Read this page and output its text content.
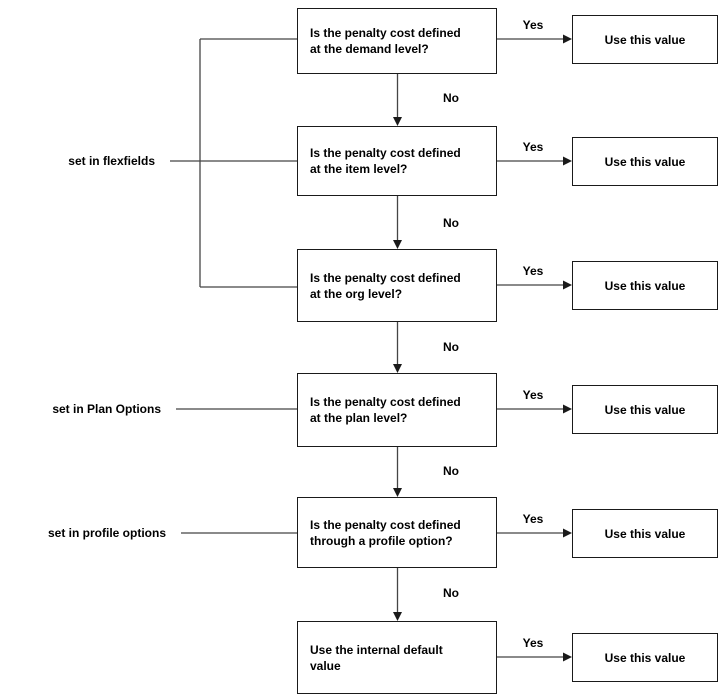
set in flexfields
set in Plan Options
set in profile options
Is the penalty cost defined
at the demand level?
Yes
Use this value
No
Is the penalty cost defined
at the item level?
Yes
Use this value
No
Is the penalty cost defined
at the org level?
Yes
Use this value
No
Is the penalty cost defined
at the plan level?
Yes
Use this value
No
Is the penalty cost defined
through a profile option?
Yes
Use this value
No
Use the internal default
value
Yes
Use this value
